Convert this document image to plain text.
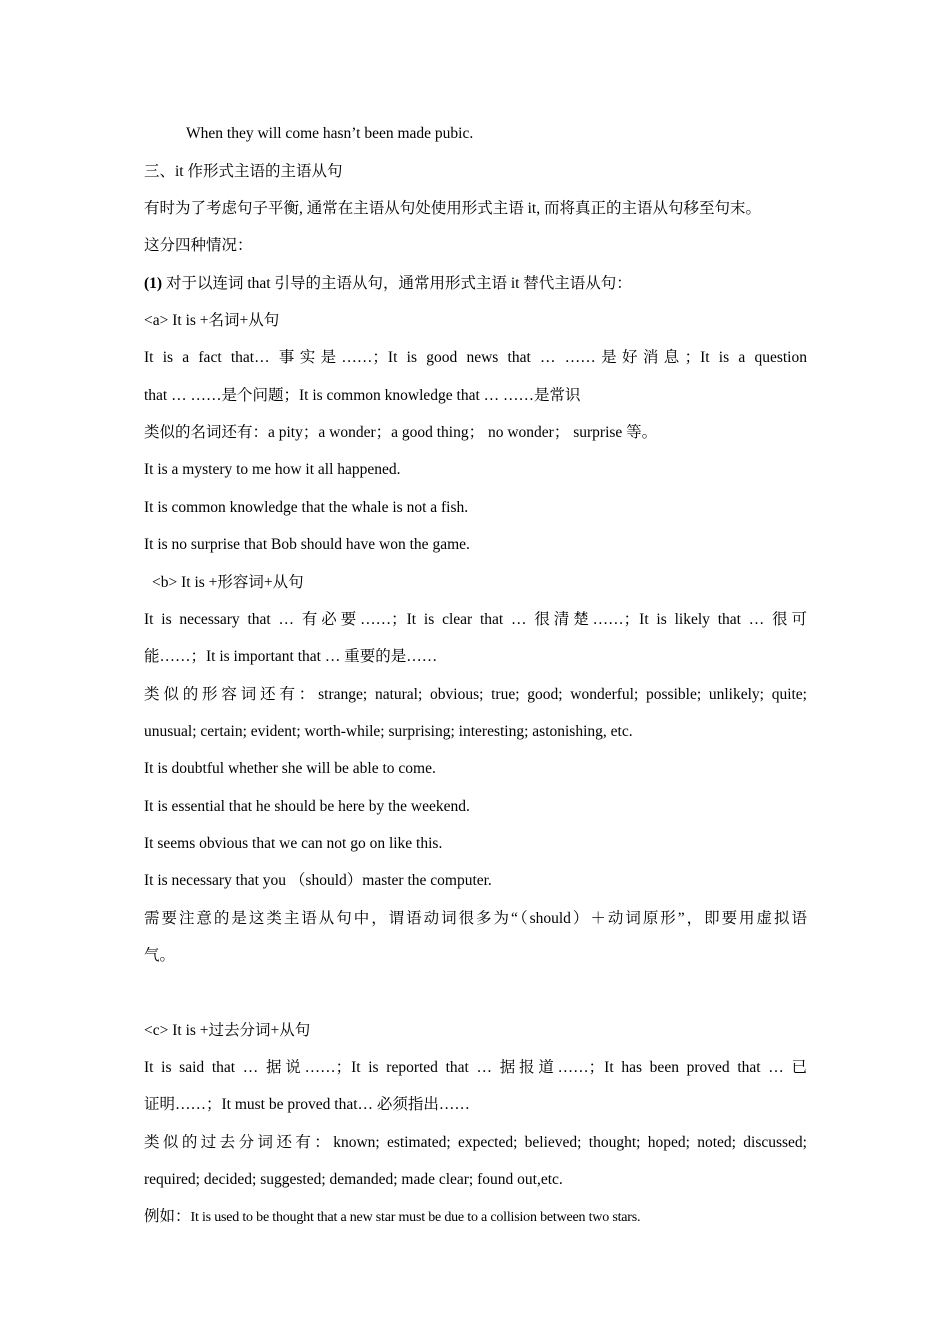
When they will come hasn’t been made pubic.
三、it 作形式主语的主语从句
有时为了考虑句子平衡, 通常在主语从句处使用形式主语 it, 而将真正的主语从句移至句末。
这分四种情况：
(1) 对于以连词 that 引导的主语从句，通常用形式主语 it 替代主语从句：
<a> It is +名词+从句
It is a fact that… 事实是……；It is good news that … ……是好消息；It is a question
that … ……是个问题；It is common knowledge that … ……是常识
类似的名词还有：a pity；a wonder；a good thing； no wonder； surprise 等。
It is a mystery to me how it all happened.
It is common knowledge that the whale is not a fish.
It is no surprise that Bob should have won the game.
<b> It is +形容词+从句
It is necessary that … 有必要……；It is clear that … 很清楚……；It is likely that … 很可
能……；It is important that … 重要的是……
类似的形容词还有：strange; natural; obvious; true; good; wonderful; possible; unlikely; quite;
unusual; certain; evident; worth-while; surprising; interesting; astonishing, etc.
It is doubtful whether she will be able to come.
It is essential that he should be here by the weekend.
It seems obvious that we can not go on like this.
It is necessary that you （should）master the computer.
需要注意的是这类主语从句中，谓语动词很多为“（should）＋动词原形”，即要用虚拟语
气。
<c> It is +过去分词+从句
It is said that … 据说……；It is reported that … 据报道……；It has been proved that … 已
证明……；It must be proved that… 必须指出……
类似的过去分词还有：known; estimated; expected; believed; thought; hoped; noted; discussed;
required; decided; suggested; demanded; made clear; found out,etc.
例如：It is used to be thought that a new star must be due to a collision between two stars.
